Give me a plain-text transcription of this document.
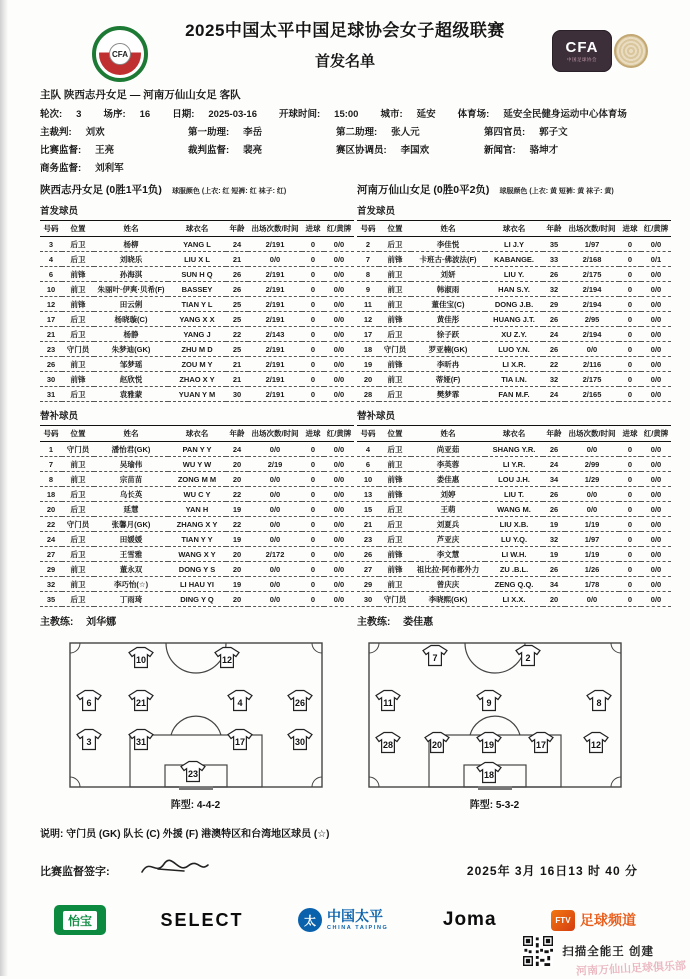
CFA	CFA
中国足球协会
2025中国太平中国足球协会女子超级联赛
首发名单
主队 陕西志丹女足 — 河南万仙山女足 客队
轮次: 3 场序: 16 日期: 2025-03-16 开球时间: 15:00 城市: 延安 体育场: 延安全民健身运动中心体育场
主裁判: 刘欢	第一助理: 李岳	第二助理: 张人元	第四官员: 郭子文
比赛监督: 王亮	裁判监督: 裴亮	赛区协调员: 李国欢	新闻官: 骆坤才
商务监督: 刘利军
陕西志丹女足 (0胜1平1负) 球服颜色 (上衣: 红 短裤: 红 袜子: 红)
首发球员
号码	位置	姓名	球衣名	年龄	出场次数/时间	进球	红/黄牌
3	后卫	杨柳	YANG L	24	2/191	0	0/0
4	后卫	刘晓乐	LIU X L	21	0/0	0	0/0
6	前锋	孙海淇	SUN H Q	26	2/191	0	0/0
10	前卫	朱丽叶·伊爽·贝希(F)	BASSEY	26	2/191	0	0/0
12	前锋	田云俐	TIAN Y L	25	2/191	0	0/0
17	后卫	杨晓璇(C)	YANG X X	25	2/191	0	0/0
21	后卫	杨静	YANG J	22	2/143	0	0/0
23	守门员	朱梦迪(GK)	ZHU M D	25	2/191	0	0/0
26	前卫	邹梦瑶	ZOU M Y	21	2/191	0	0/0
30	前锋	赵欣悦	ZHAO X Y	21	2/191	0	0/0
31	后卫	袁雅蒙	YUAN Y M	30	2/191	0	0/0
替补球员
号码	位置	姓名	球衣名	年龄	出场次数/时间	进球	红/黄牌
1	守门员	潘怡君(GK)	PAN Y Y	24	0/0	0	0/0
7	前卫	吴瑜伟	WU Y W	20	2/19	0	0/0
8	前卫	宗苗苗	ZONG M M	20	0/0	0	0/0
18	后卫	乌长英	WU C Y	22	0/0	0	0/0
20	后卫	延慧	YAN H	19	0/0	0	0/0
22	守门员	张馨月(GK)	ZHANG X Y	22	0/0	0	0/0
24	后卫	田媛媛	TIAN Y Y	19	0/0	0	0/0
27	后卫	王雪雅	WANG X Y	20	2/172	0	0/0
29	前卫	董永双	DONG Y S	20	0/0	0	0/0
32	前卫	李巧怡(☆)	LI HAU YI	19	0/0	0	0/0
35	后卫	丁雨琦	DING Y Q	20	0/0	0	0/0
主教练: 刘华娜
河南万仙山女足 (0胜0平2负) 球服颜色 (上衣: 黄 短裤: 黄 袜子: 黄)
首发球员
号码	位置	姓名	球衣名	年龄	出场次数/时间	进球	红/黄牌
2	后卫	李佳悦	LI J.Y	35	1/97	0	0/0
7	前锋	卡班古·佛波法(F)	KABANGE.	33	2/168	0	0/1
8	前卫	刘妍	LIU Y.	26	2/175	0	0/0
9	前卫	韩淑雨	HAN S.Y.	32	2/194	0	0/0
11	前卫	董佳宝(C)	DONG J.B.	29	2/194	0	0/0
12	前锋	黄佳彤	HUANG J.T.	26	2/95	0	0/0
17	后卫	徐子跃	XU Z.Y.	24	2/194	0	0/0
18	守门员	罗亚楠(GK)	LUO Y.N.	26	0/0	0	0/0
19	前锋	李昕冉	LI X.R.	22	2/116	0	0/0
20	前卫	蒂娅(F)	TIA I.N.	32	2/175	0	0/0
28	后卫	樊梦霏	FAN M.F.	24	2/165	0	0/0
替补球员
号码	位置	姓名	球衣名	年龄	出场次数/时间	进球	红/黄牌
4	后卫	尚亚茹	SHANG Y.R.	26	0/0	0	0/0
6	前卫	李英蓉	LI Y.R.	24	2/99	0	0/0
10	前锋	娄佳惠	LOU J.H.	34	1/29	0	0/0
13	前锋	刘婷	LIU T.	26	0/0	0	0/0
15	后卫	王萌	WANG M.	26	0/0	0	0/0
21	后卫	刘夏兵	LIU X.B.	19	1/19	0	0/0
23	后卫	芦亚庆	LU Y.Q.	32	1/97	0	0/0
26	前锋	李文慧	LI W.H.	19	1/19	0	0/0
27	前锋	祖比拉·阿布都外力	ZU .B.L.	26	1/26	0	0/0
29	前卫	曾庆庆	ZENG Q.Q.	34	1/78	0	0/0
30	守门员	李晓熙(GK)	LI X.X.	20	0/0	0	0/0
主教练: 娄佳惠
10	12
6	21	4	26
3	31	17	30
23
阵型: 4-4-2
7	2
11	9	8
28	20	19	17	12
18
阵型: 5-3-2
说明: 守门员 (GK) 队长 (C) 外援 (F) 港澳特区和台湾地区球员 (☆)
比赛监督签字:	2025年 3月 16日13 时 40 分
怡宝	SELECT	太 中国太平
CHINA TAIPING	Joma	FTV 足球频道
河南万仙山足球俱乐部
扫描全能王 创建
